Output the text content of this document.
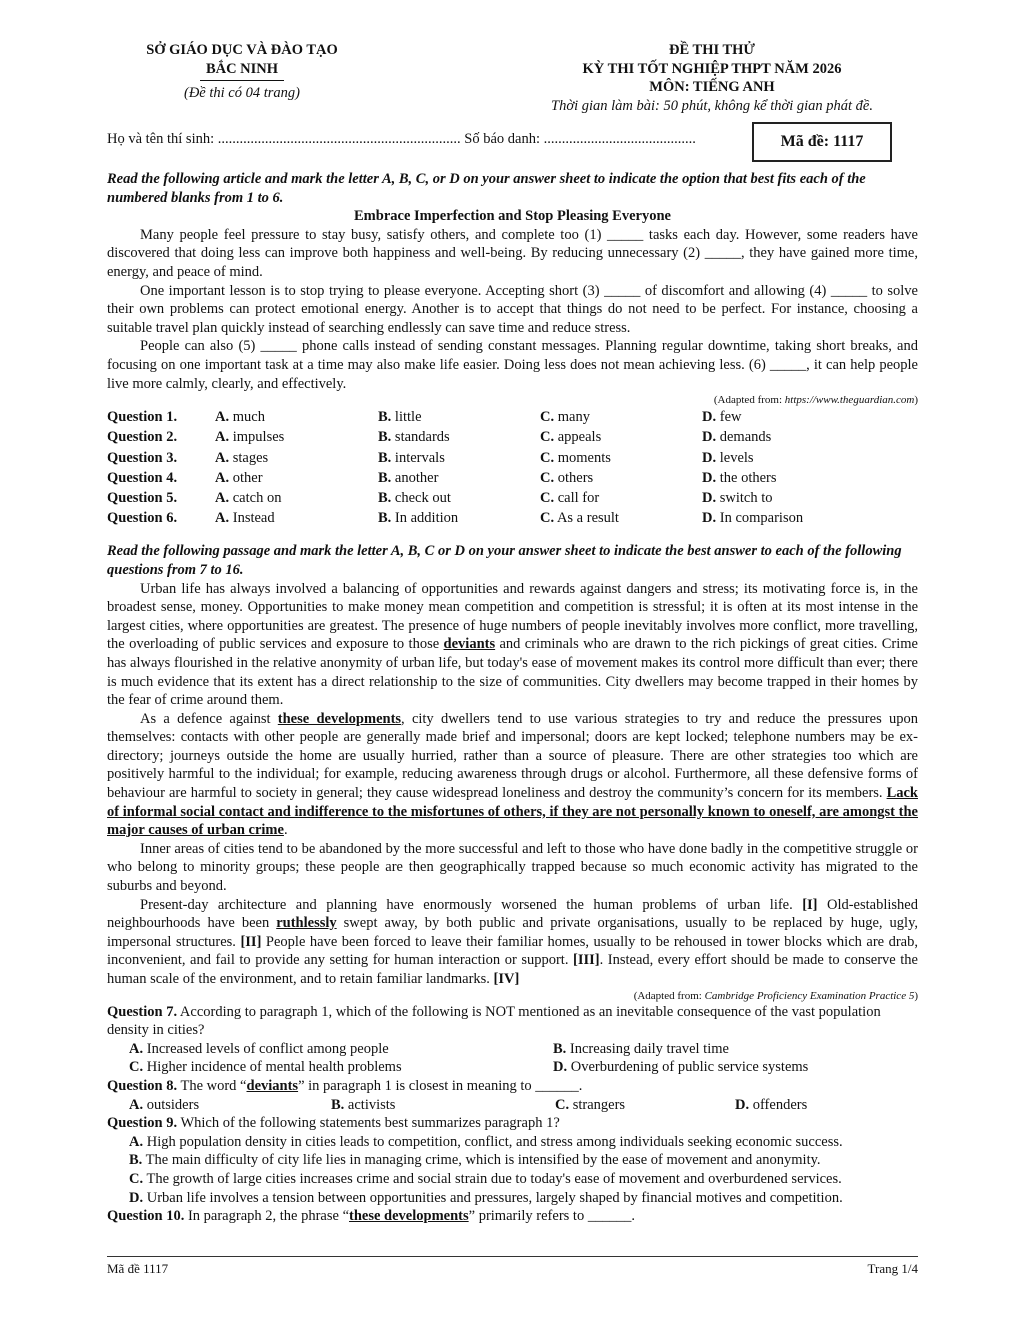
SỞ GIÁO DỤC VÀ ĐÀO TẠO
BẮC NINH
(Đề thi có 04 trang)
ĐỀ THI THỬ
KỲ THI TỐT NGHIỆP THPT NĂM 2026
MÔN: TIẾNG ANH
Thời gian làm bài: 50 phút, không kể thời gian phát đề.
Họ và tên thí sinh: ................................................................... Số báo danh: ..........................................	Mã đề: 1117
Read the following article and mark the letter A, B, C, or D on your answer sheet to indicate the option that best fits each of the numbered blanks from 1 to 6.
Embrace Imperfection and Stop Pleasing Everyone

Many people feel pressure to stay busy, satisfy others, and complete too (1) _____ tasks each day. However, some readers have discovered that doing less can improve both happiness and well-being. By reducing unnecessary (2) _____, they have gained more time, energy, and peace of mind.

One important lesson is to stop trying to please everyone. Accepting short (3) _____ of discomfort and allowing (4) _____ to solve their own problems can protect emotional energy. Another is to accept that things do not need to be perfect. For instance, choosing a suitable travel plan quickly instead of searching endlessly can save time and reduce stress.

People can also (5) _____ phone calls instead of sending constant messages. Planning regular downtime, taking short breaks, and focusing on one important task at a time may also make life easier. Doing less does not mean achieving less. (6) _____, it can help people live more calmly, clearly, and effectively.

(Adapted from: https://www.theguardian.com)
Question 1.	A. much	B. little	C. many	D. few
Question 2.	A. impulses	B. standards	C. appeals	D. demands
Question 3.	A. stages	B. intervals	C. moments	D. levels
Question 4.	A. other	B. another	C. others	D. the others
Question 5.	A. catch on	B. check out	C. call for	D. switch to
Question 6.	A. Instead	B. In addition	C. As a result	D. In comparison
Read the following passage and mark the letter A, B, C or D on your answer sheet to indicate the best answer to each of the following questions from 7 to 16.

Urban life has always involved a balancing of opportunities and rewards against dangers and stress; its motivating force is, in the broadest sense, money. Opportunities to make money mean competition and competition is stressful; it is often at its most intense in the largest cities, where opportunities are greatest. The presence of huge numbers of people inevitably involves more conflict, more travelling, the overloading of public services and exposure to those deviants and criminals who are drawn to the rich pickings of great cities. Crime has always flourished in the relative anonymity of urban life, but today's ease of movement makes its control more difficult than ever; there is much evidence that its extent has a direct relationship to the size of communities. City dwellers may become trapped in their homes by the fear of crime around them.

As a defence against these developments, city dwellers tend to use various strategies to try and reduce the pressures upon themselves: contacts with other people are generally made brief and impersonal; doors are kept locked; telephone numbers may be ex-directory; journeys outside the home are usually hurried, rather than a source of pleasure. There are other strategies too which are positively harmful to the individual; for example, reducing awareness through drugs or alcohol. Furthermore, all these defensive forms of behaviour are harmful to society in general; they cause widespread loneliness and destroy the community’s concern for its members. Lack of informal social contact and indifference to the misfortunes of others, if they are not personally known to oneself, are amongst the major causes of urban crime.

Inner areas of cities tend to be abandoned by the more successful and left to those who have done badly in the competitive struggle or who belong to minority groups; these people are then geographically trapped because so much economic activity has migrated to the suburbs and beyond.

Present-day architecture and planning have enormously worsened the human problems of urban life. [I] Old-established neighbourhoods have been ruthlessly swept away, by both public and private organisations, usually to be replaced by huge, ugly, impersonal structures. [II] People have been forced to leave their familiar homes, usually to be rehoused in tower blocks which are drab, inconvenient, and fail to provide any setting for human interaction or support. [III]. Instead, every effort should be made to conserve the human scale of the environment, and to retain familiar landmarks. [IV]

(Adapted from: Cambridge Proficiency Examination Practice 5)
Question 7. According to paragraph 1, which of the following is NOT mentioned as an inevitable consequence of the vast population density in cities?
A. Increased levels of conflict among people	B. Increasing daily travel time
C. Higher incidence of mental health problems	D. Overburdening of public service systems
Question 8. The word “deviants” in paragraph 1 is closest in meaning to ______.
A. outsiders	B. activists	C. strangers	D. offenders
Question 9. Which of the following statements best summarizes paragraph 1?
A. High population density in cities leads to competition, conflict, and stress among individuals seeking economic success.
B. The main difficulty of city life lies in managing crime, which is intensified by the ease of movement and anonymity.
C. The growth of large cities increases crime and social strain due to today's ease of movement and overburdened services.
D. Urban life involves a tension between opportunities and pressures, largely shaped by financial motives and competition.
Question 10. In paragraph 2, the phrase “these developments” primarily refers to ______.
Mã đề 1117	Trang 1/4
